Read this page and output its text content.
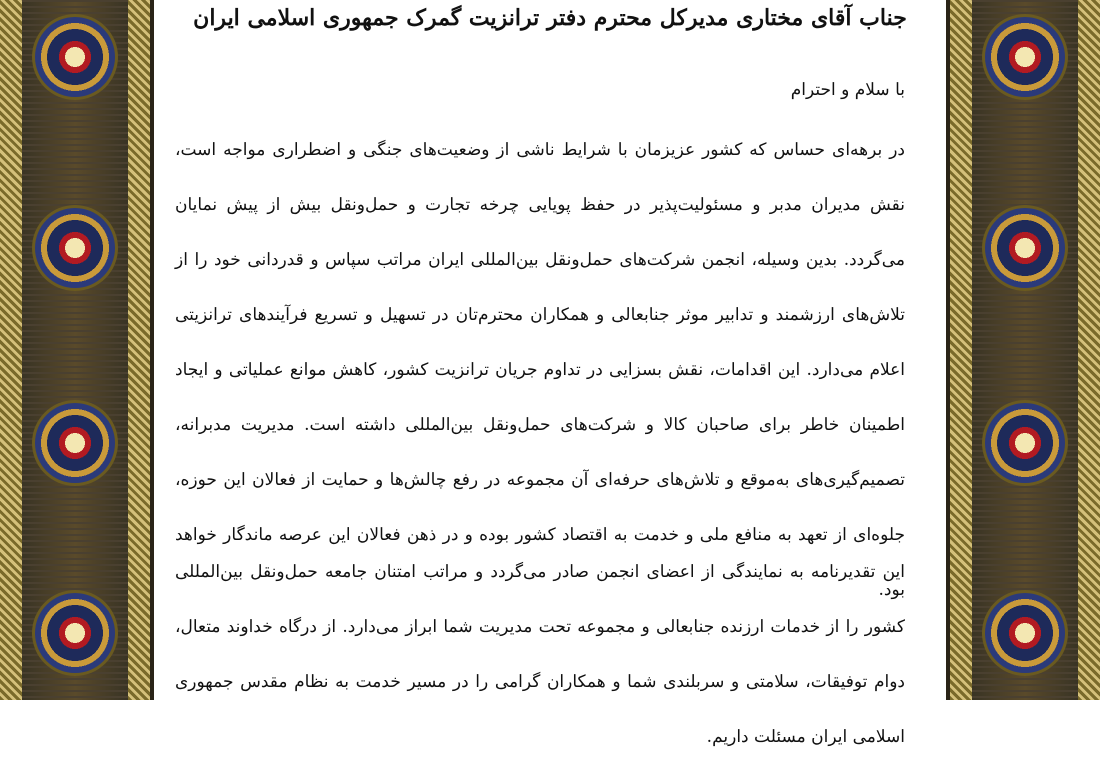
جناب آقای مختاری مدیرکل محترم دفتر ترانزیت گمرک جمهوری اسلامی ایران
با سلام و احترام
در برهه‌ای حساس که کشور عزیزمان با شرایط ناشی از وضعیت‌های جنگی و اضطراری مواجه است، نقش مدیران مدبر و مسئولیت‌پذیر در حفظ پویایی چرخه تجارت و حمل‌ونقل بیش از پیش نمایان می‌گردد. بدین وسیله، انجمن شرکت‌های حمل‌ونقل بین‌المللی ایران مراتب سپاس و قدردانی خود را از تلاش‌های ارزشمند و تدابیر موثر جنابعالی و همکاران محترم‌تان در تسهیل و تسریع فرآیندهای ترانزیتی اعلام می‌دارد. این اقدامات، نقش بسزایی در تداوم جریان ترانزیت کشور، کاهش موانع عملیاتی و ایجاد اطمینان خاطر برای صاحبان کالا و شرکت‌های حمل‌ونقل بین‌المللی داشته است. مدیریت مدبرانه، تصمیم‌گیری‌های به‌موقع و تلاش‌های حرفه‌ای آن مجموعه در رفع چالش‌ها و حمایت از فعالان این حوزه، جلوه‌ای از تعهد به منافع ملی و خدمت به اقتصاد کشور بوده و در ذهن فعالان این عرصه ماندگار خواهد بود.
این تقدیرنامه به نمایندگی از اعضای انجمن صادر می‌گردد و مراتب امتنان جامعه حمل‌ونقل بین‌المللی کشور را از خدمات ارزنده جنابعالی و مجموعه تحت مدیریت شما ابراز می‌دارد. از درگاه خداوند متعال، دوام توفیقات، سلامتی و سربلندی شما و همکاران گرامی را در مسیر خدمت به نظام مقدس جمهوری اسلامی ایران مسئلت داریم.
